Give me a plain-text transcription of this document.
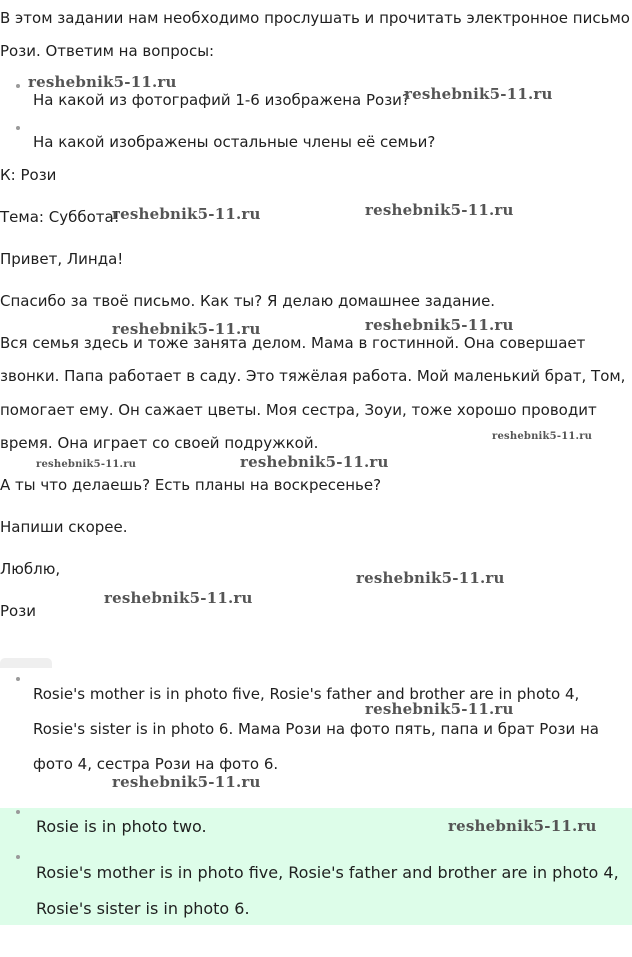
В этом задании нам необходимо прослушать и прочитать электронное письмо Рози. Ответим на вопросы:

На какой из фотографий 1-6 изображена Рози?
На какой изображены остальные члены её семьи?

К: Рози

Тема: Суббота!

Привет, Линда!

Спасибо за твоё письмо. Как ты? Я делаю домашнее задание.

Вся семья здесь и тоже занята делом. Мама в гостинной. Она совершает звонки. Папа работает в саду. Это тяжёлая работа. Мой маленький брат, Том, помогает ему. Он сажает цветы. Моя сестра, Зоуи, тоже хорошо проводит время. Она играет со своей подружкой.

А ты что делаешь? Есть планы на воскресенье?

Напиши скорее.

Люблю,

Рози

Rosie's mother is in photo five, Rosie's father and brother are in photo 4, Rosie's sister is in photo 6. Мама Рози на фото пять, папа и брат Рози на фото 4, сестра Рози на фото 6.
Rosie is in photo two.
Rosie's mother is in photo five, Rosie's father and brother are in photo 4, Rosie's sister is in photo 6.
reshebnik5-11.ru
reshebnik5-11.ru
reshebnik5-11.ru	reshebnik5-11.ru
reshebnik5-11.ru	reshebnik5-11.ru
reshebnik5-11.ru
reshebnik5-11.ru	reshebnik5-11.ru
reshebnik5-11.ru
reshebnik5-11.ru
reshebnik5-11.ru
reshebnik5-11.ru
reshebnik5-11.ru
